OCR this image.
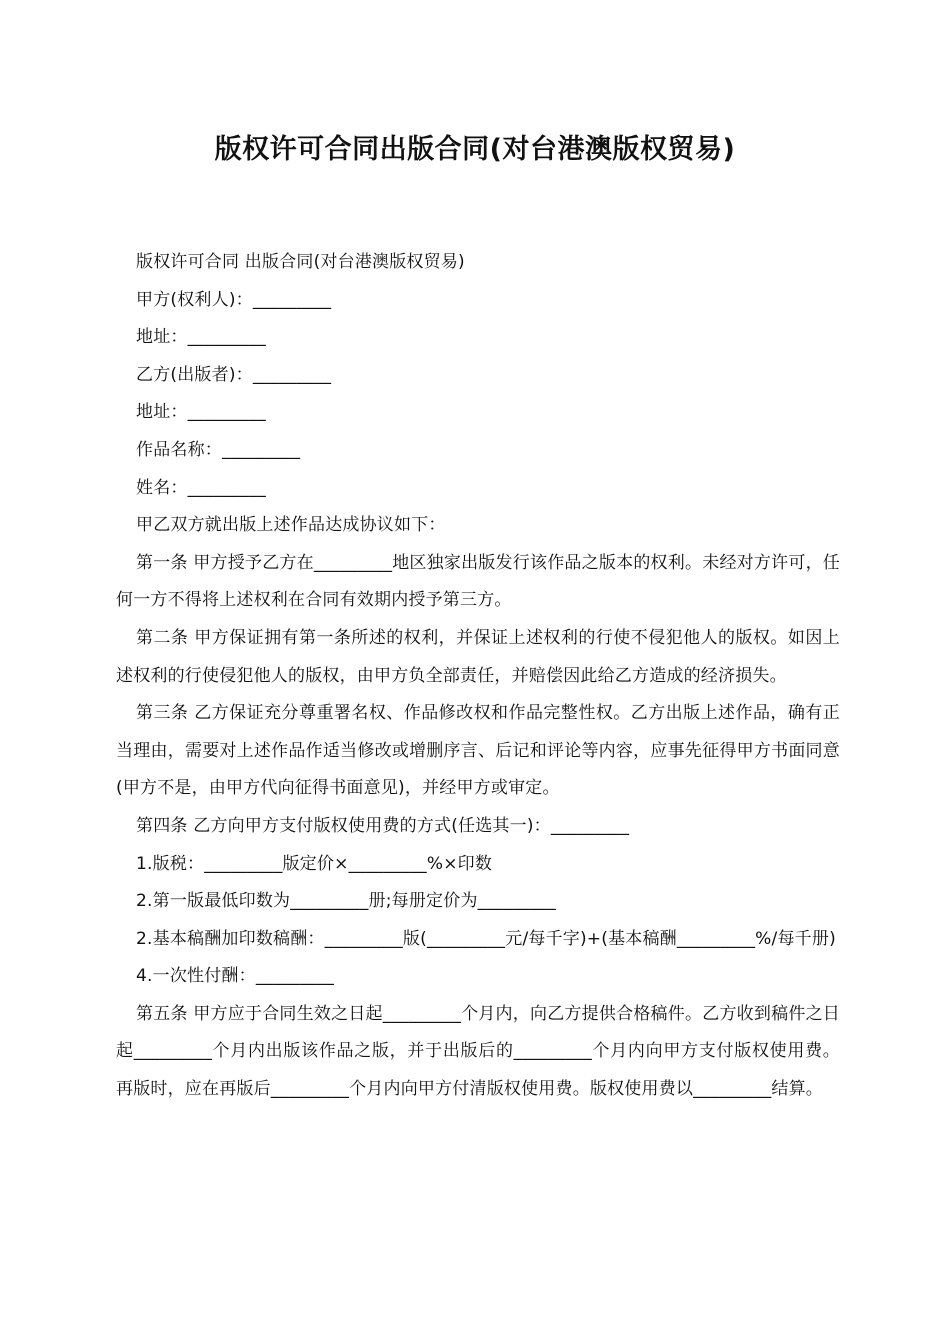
版权许可合同出版合同(对台港澳版权贸易)

版权许可合同 出版合同(对台港澳版权贸易)

甲方(权利人)：_________

地址：_________

乙方(出版者)：_________

地址：_________

作品名称：_________

姓名：_________

甲乙双方就出版上述作品达成协议如下：

第一条 甲方授予乙方在_________地区独家出版发行该作品之版本的权利。未经对方许可，任何一方不得将上述权利在合同有效期内授予第三方。

第二条 甲方保证拥有第一条所述的权利，并保证上述权利的行使不侵犯他人的版权。如因上述权利的行使侵犯他人的版权，由甲方负全部责任，并赔偿因此给乙方造成的经济损失。

第三条 乙方保证充分尊重署名权、作品修改权和作品完整性权。乙方出版上述作品，确有正当理由，需要对上述作品作适当修改或增删序言、后记和评论等内容，应事先征得甲方书面同意(甲方不是，由甲方代向征得书面意见)，并经甲方或审定。

第四条 乙方向甲方支付版权使用费的方式(任选其一)：_________

1.版税：_________版定价×_________%×印数

2.第一版最低印数为_________册;每册定价为_________

2.基本稿酬加印数稿酬：_________版(_________元/每千字)+(基本稿酬_________%/每千册)

4.一次性付酬：_________

第五条 甲方应于合同生效之日起_________个月内，向乙方提供合格稿件。乙方收到稿件之日起_________个月内出版该作品之版，并于出版后的_________个月内向甲方支付版权使用费。再版时，应在再版后_________个月内向甲方付清版权使用费。版权使用费以_________结算。
